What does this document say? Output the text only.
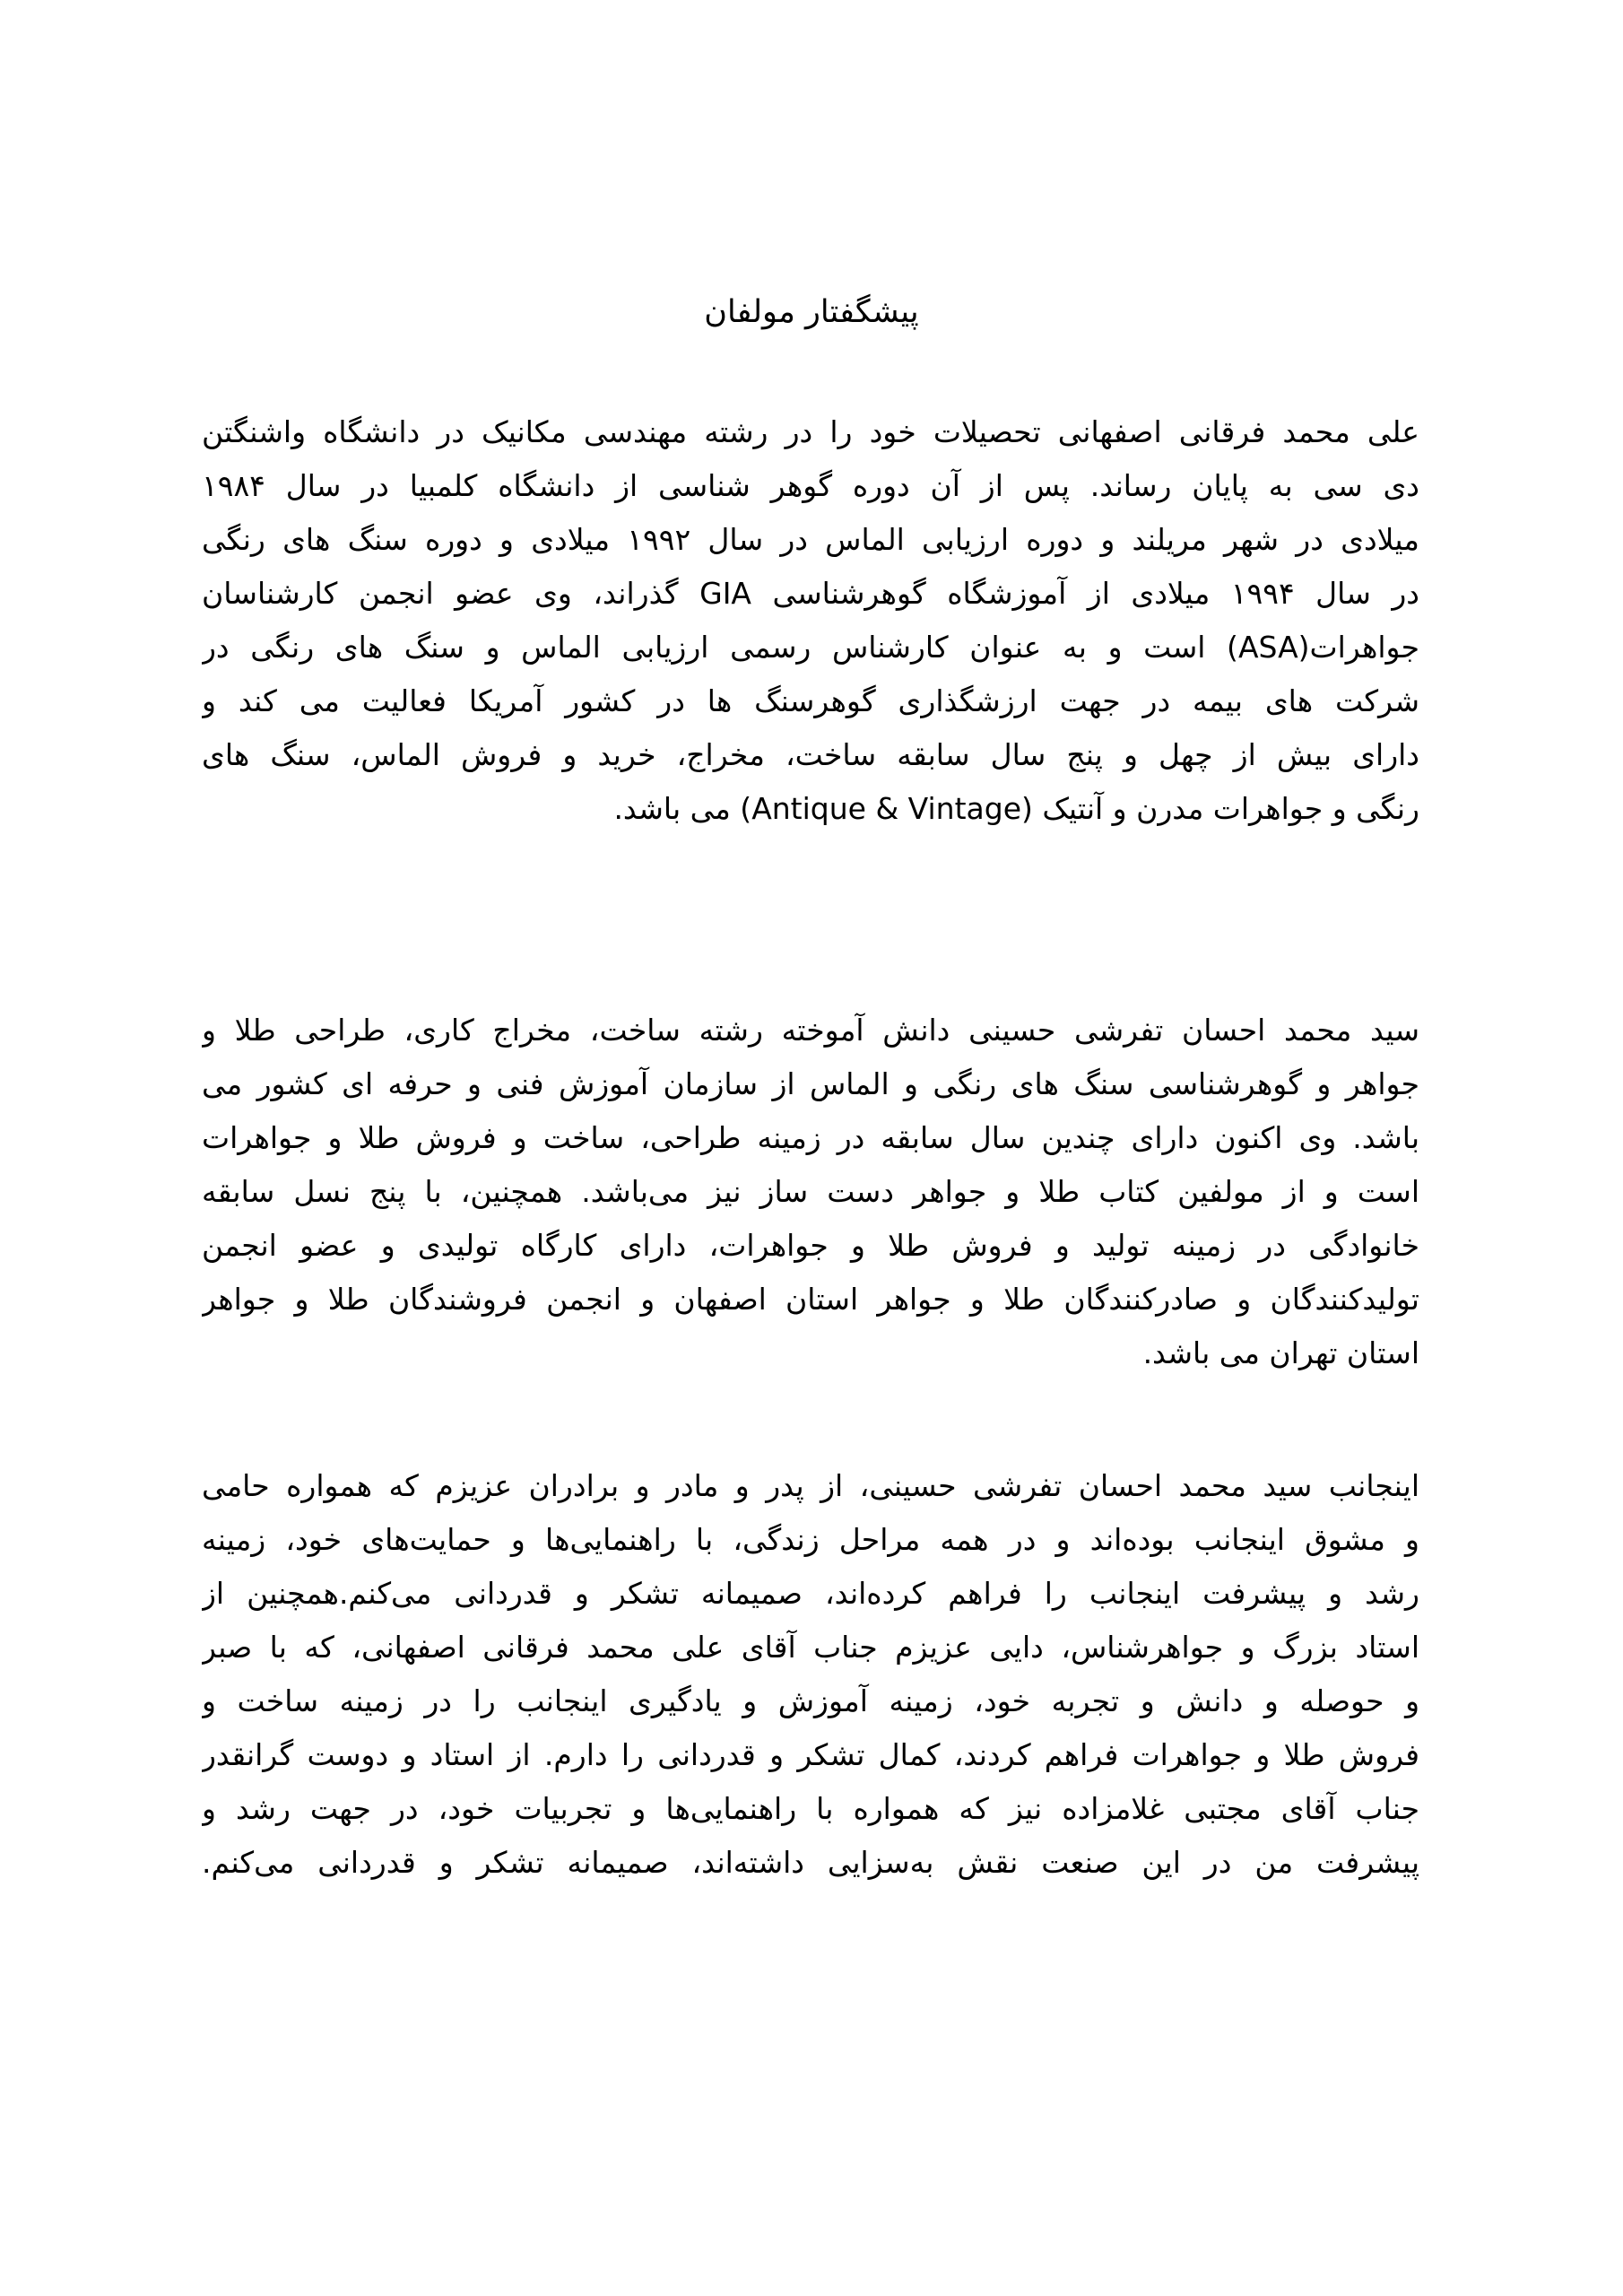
پیشگفتار مولفان
علی محمد فرقانی اصفهانی تحصیلات خود را در رشته مهندسی مکانیک در دانشگاه واشنگتن
دی سی به پایان رساند. پس از آن دوره گوهر شناسی از دانشگاه کلمبیا در سال ۱۹۸۴
میلادی در شهر مریلند و دوره ارزیابی الماس در سال ۱۹۹۲ میلادی و دوره سنگ های رنگی
در سال ۱۹۹۴ میلادی از آموزشگاه گوهرشناسی GIA گذراند، وی عضو انجمن کارشناسان
جواهرات(ASA) است و به عنوان کارشناس رسمی ارزیابی الماس و سنگ های رنگی در
شرکت های بیمه در جهت ارزشگذاری گوهرسنگ ها در کشور آمریکا فعالیت می کند و
دارای بیش از چهل و پنج سال سابقه ساخت، مخراج، خرید و فروش الماس، سنگ های
رنگی و جواهرات مدرن و آنتیک (Antique & Vintage) می باشد.
سید محمد احسان تفرشی حسینی دانش آموخته رشته ساخت، مخراج کاری، طراحی طلا و
جواهر و گوهرشناسی سنگ های رنگی و الماس از سازمان آموزش فنی و حرفه ای کشور می
باشد. وی اکنون دارای چندین سال سابقه در زمینه طراحی، ساخت و فروش طلا و جواهرات
است و از مولفین کتاب طلا و جواهر دست ساز نیز می‌باشد. همچنین، با پنج نسل سابقه
خانوادگی در زمینه تولید و فروش طلا و جواهرات، دارای کارگاه تولیدی و عضو انجمن
تولیدکنندگان و صادرکنندگان طلا و جواهر استان اصفهان و انجمن فروشندگان طلا و جواهر
استان تهران می باشد.
اینجانب سید محمد احسان تفرشی حسینی، از پدر و مادر و برادران عزیزم که همواره حامی
و مشوق اینجانب بوده‌اند و در همه مراحل زندگی، با راهنمایی‌ها و حمایت‌های خود، زمینه
رشد و پیشرفت اینجانب را فراهم کرده‌اند، صمیمانه تشکر و قدردانی می‌کنم.همچنین از
استاد بزرگ و جواهرشناس، دایی عزیزم جناب آقای علی محمد فرقانی اصفهانی، که با صبر
و حوصله و دانش و تجربه خود، زمینه آموزش و یادگیری اینجانب را در زمینه ساخت و
فروش طلا و جواهرات فراهم کردند، کمال تشکر و قدردانی را دارم. از استاد و دوست گرانقدر
جناب آقای مجتبی غلامزاده نیز که همواره با راهنمایی‌ها و تجربیات خود، در جهت رشد و
پیشرفت من در این صنعت نقش به‌سزایی داشته‌اند، صمیمانه تشکر و قدردانی می‌کنم.
